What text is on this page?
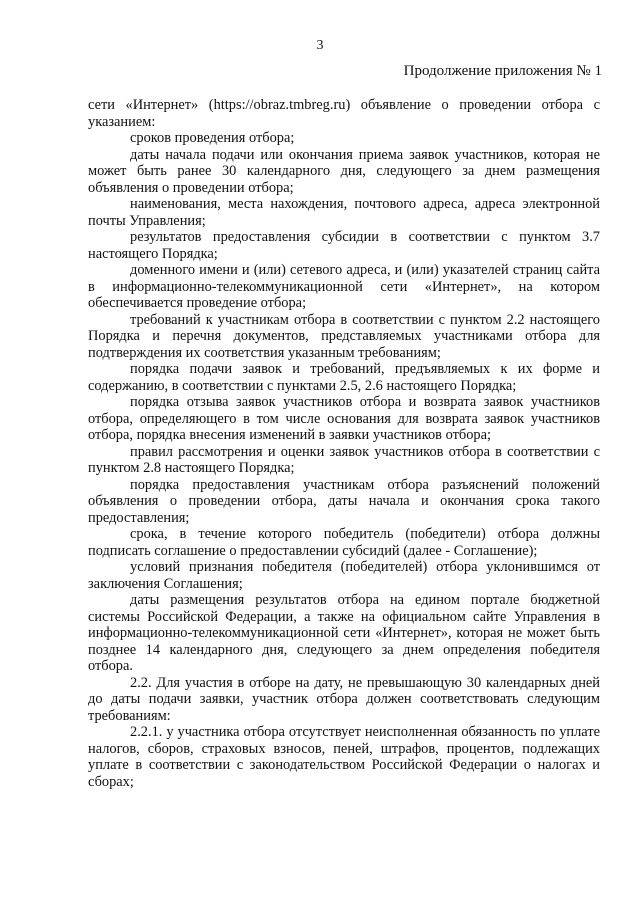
3
Продолжение приложения № 1

сети «Интернет» (https://obraz.tmbreg.ru) объявление о проведении отбора с указанием:

сроков проведения отбора;

даты начала подачи или окончания приема заявок участников, которая не может быть ранее 30 календарного дня, следующего за днем размещения объявления о проведении отбора;

наименования, места нахождения, почтового адреса, адреса электронной почты Управления;

результатов предоставления субсидии в соответствии с пунктом 3.7 настоящего Порядка;

доменного имени и (или) сетевого адреса, и (или) указателей страниц сайта в информационно-телекоммуникационной сети «Интернет», на котором обеспечивается проведение отбора;

требований к участникам отбора в соответствии с пунктом 2.2 настоящего Порядка и перечня документов, представляемых участниками отбора для подтверждения их соответствия указанным требованиям;

порядка подачи заявок и требований, предъявляемых к их форме и содержанию, в соответствии с пунктами 2.5, 2.6 настоящего Порядка;

порядка отзыва заявок участников отбора и возврата заявок участников отбора, определяющего в том числе основания для возврата заявок участников отбора, порядка внесения изменений в заявки участников отбора;

правил рассмотрения и оценки заявок участников отбора в соответствии с пунктом 2.8 настоящего Порядка;

порядка предоставления участникам отбора разъяснений положений объявления о проведении отбора, даты начала и окончания срока такого предоставления;

срока, в течение которого победитель (победители) отбора должны подписать соглашение о предоставлении субсидий (далее - Соглашение);

условий признания победителя (победителей) отбора уклонившимся от заключения Соглашения;

даты размещения результатов отбора на едином портале бюджетной системы Российской Федерации, а также на официальном сайте Управления в информационно-телекоммуникационной сети «Интернет», которая не может быть позднее 14 календарного дня, следующего за днем определения победителя отбора.

2.2. Для участия в отборе на дату, не превышающую 30 календарных дней до даты подачи заявки, участник отбора должен соответствовать следующим требованиям:

2.2.1. у участника отбора отсутствует неисполненная обязанность по уплате налогов, сборов, страховых взносов, пеней, штрафов, процентов, подлежащих уплате в соответствии с законодательством Российской Федерации о налогах и сборах;
